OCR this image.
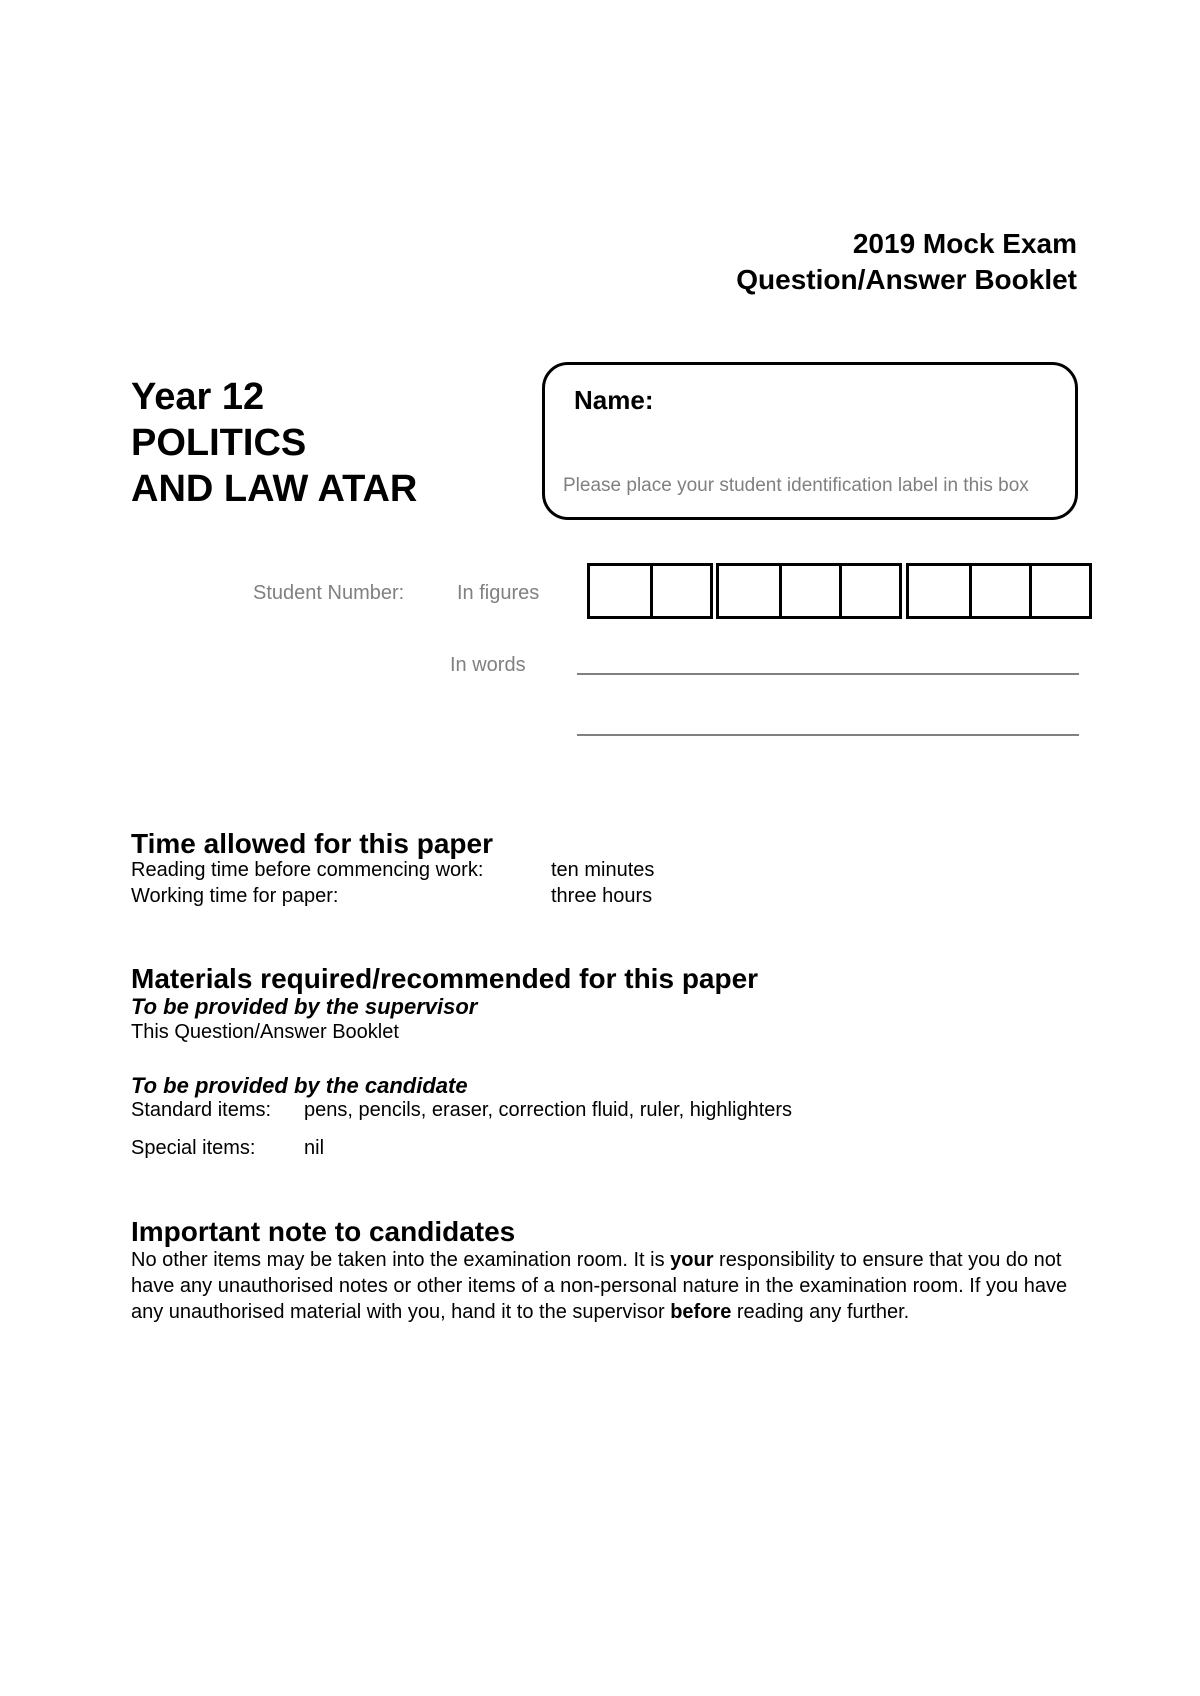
2019 Mock Exam
Question/Answer Booklet
Year 12
POLITICS
AND LAW ATAR
Name:
Please place your student identification label in this box
Student Number:	In figures
In words
Time allowed for this paper
Reading time before commencing work:	ten minutes
Working time for paper:	three hours
Materials required/recommended for this paper
To be provided by the supervisor
This Question/Answer Booklet
To be provided by the candidate
Standard items: pens, pencils, eraser, correction fluid, ruler, highlighters
Special items: nil
Important note to candidates
No other items may be taken into the examination room. It is your responsibility to ensure that you do not have any unauthorised notes or other items of a non-personal nature in the examination room. If you have any unauthorised material with you, hand it to the supervisor before reading any further.
